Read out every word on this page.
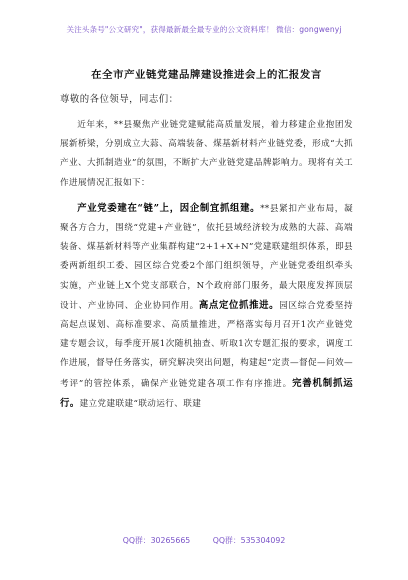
关注头条号"公文研究"，获得最新最全最专业的公文资料库！ 微信：gongwenyj
在全市产业链党建品牌建设推进会上的汇报发言
尊敬的各位领导，同志们：

近年来，**县聚焦产业链党建赋能高质量发展，着力移建企业抱团发展新桥梁，分别成立大蒜、高端装备、煤基新材料产业链党委，形成“大抓产业、大抓制造业”的氛围，不断扩大产业链党建品牌影响力。现将有关工作进展情况汇报如下：

产业党委建在“链”上，因企制宜抓组建。**县紧扣产业布局，凝聚各方合力，围绕“党建+产业链”，依托县域经济较为成熟的大蒜、高端装备、煤基新材料等产业集群构建“2+1+X+N”党建联建组织体系，即县委两新组织工委、园区综合党委2个部门组织领导，产业链党委组织牵头实施，产业链上X个党支部联合，N个政府部门服务，最大限度发挥顶层设计、产业协同、企业协同作用。高点定位抓推进。园区综合党委坚持高起点谋划、高标准要求、高质量推进，严格落实每月召开1次产业链党建专题会议，每季度开展1次随机抽查、听取1次专题汇报的要求，调度工作进展，督导任务落实，研究解决突出问题，构建起“定责—督促—问效—考评”的管控体系，确保产业链党建各项工作有序推进。完善机制抓运行。建立党建联建“联动运行、联建

QQ群：30265665	QQ群：535304092
